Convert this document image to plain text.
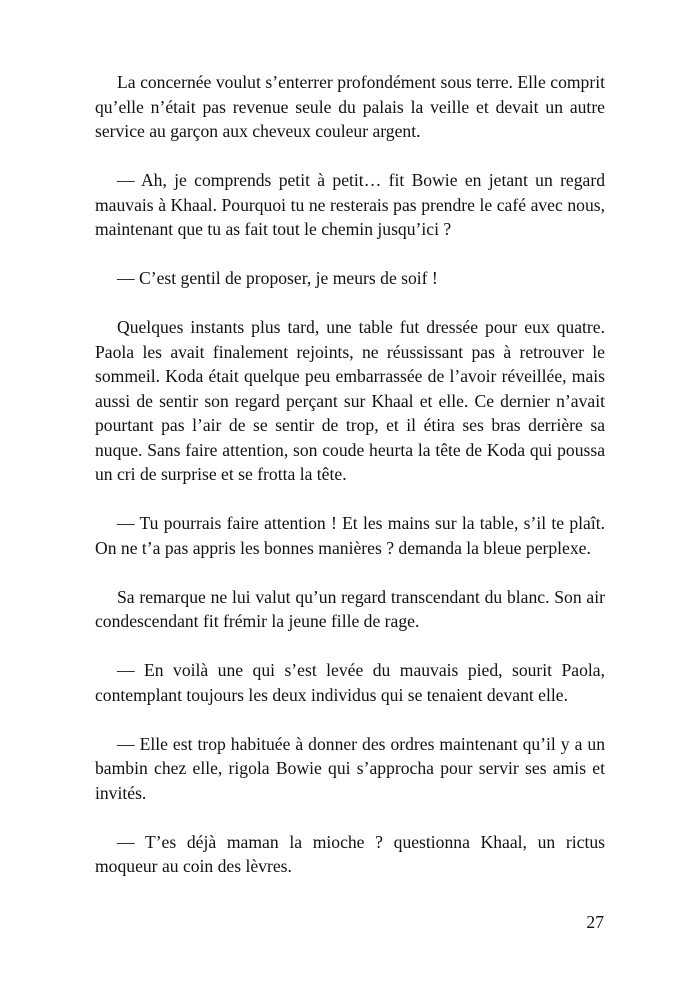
La concernée voulut s’enterrer profondément sous terre. Elle comprit qu’elle n’était pas revenue seule du palais la veille et devait un autre service au garçon aux cheveux couleur argent.

— Ah, je comprends petit à petit… fit Bowie en jetant un regard mauvais à Khaal. Pourquoi tu ne resterais pas prendre le café avec nous, maintenant que tu as fait tout le chemin jusqu’ici ?

— C’est gentil de proposer, je meurs de soif !

Quelques instants plus tard, une table fut dressée pour eux quatre. Paola les avait finalement rejoints, ne réussissant pas à retrouver le sommeil. Koda était quelque peu embarrassée de l’avoir réveillée, mais aussi de sentir son regard perçant sur Khaal et elle. Ce dernier n’avait pourtant pas l’air de se sentir de trop, et il étira ses bras derrière sa nuque. Sans faire attention, son coude heurta la tête de Koda qui poussa un cri de surprise et se frotta la tête.

— Tu pourrais faire attention ! Et les mains sur la table, s’il te plaît. On ne t’a pas appris les bonnes manières ? demanda la bleue perplexe.

Sa remarque ne lui valut qu’un regard transcendant du blanc. Son air condescendant fit frémir la jeune fille de rage.

— En voilà une qui s’est levée du mauvais pied, sourit Paola, contemplant toujours les deux individus qui se tenaient devant elle.

— Elle est trop habituée à donner des ordres maintenant qu’il y a un bambin chez elle, rigola Bowie qui s’approcha pour servir ses amis et invités.

— T’es déjà maman la mioche ? questionna Khaal, un rictus moqueur au coin des lèvres.

27
